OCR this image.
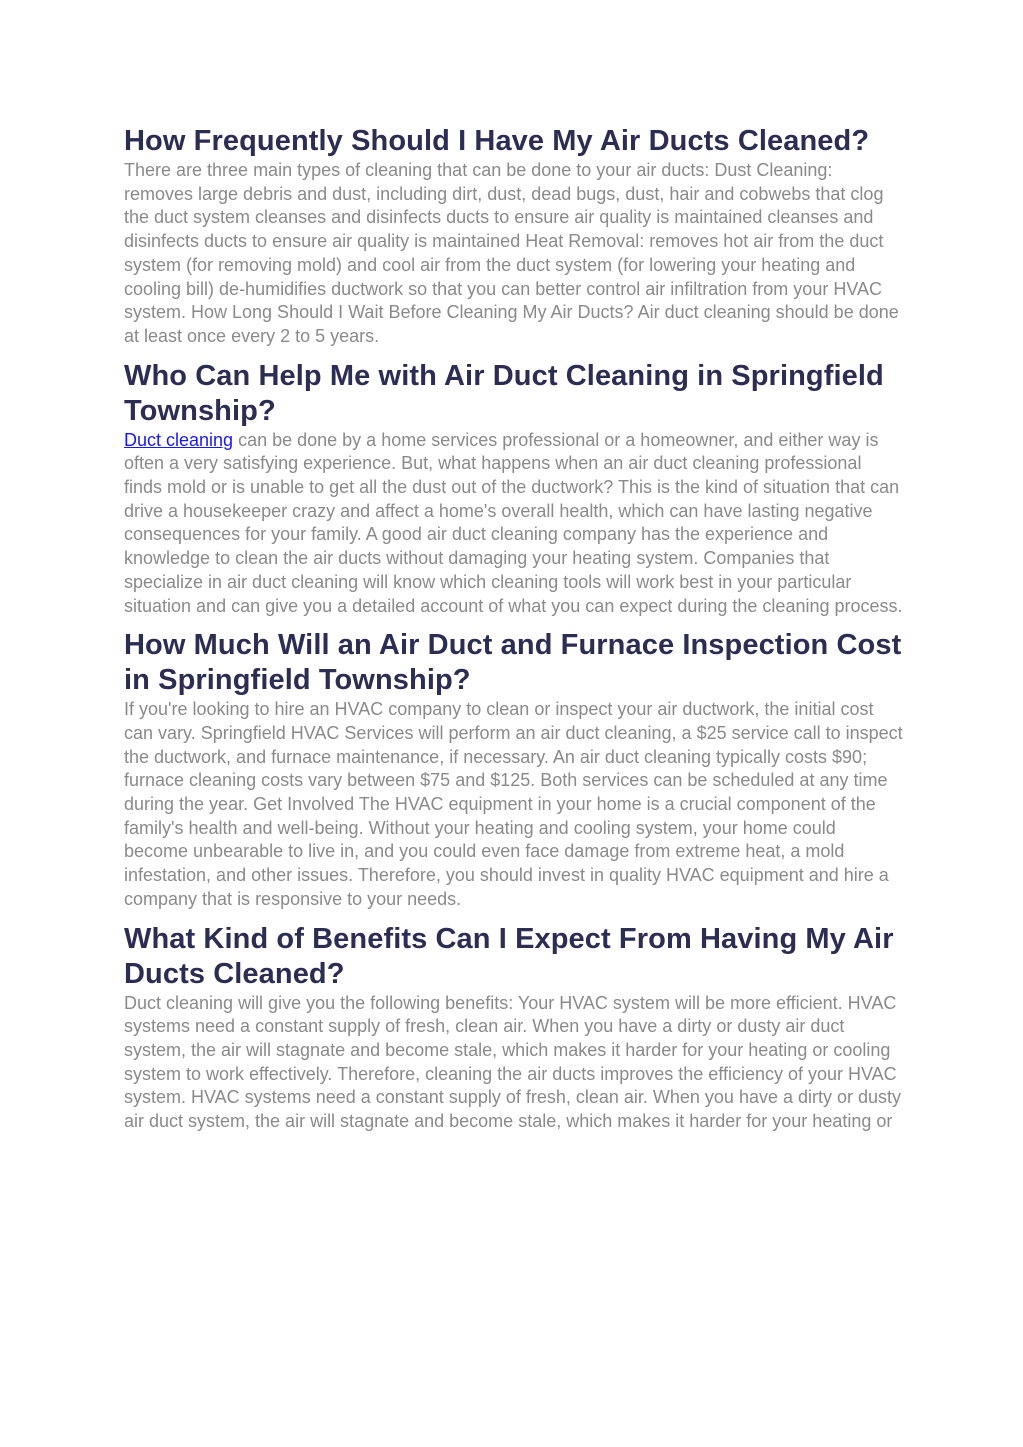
How Frequently Should I Have My Air Ducts Cleaned?

There are three main types of cleaning that can be done to your air ducts: Dust Cleaning: removes large debris and dust, including dirt, dust, dead bugs, dust, hair and cobwebs that clog the duct system cleanses and disinfects ducts to ensure air quality is maintained cleanses and disinfects ducts to ensure air quality is maintained Heat Removal: removes hot air from the duct system (for removing mold) and cool air from the duct system (for lowering your heating and cooling bill) de-humidifies ductwork so that you can better control air infiltration from your HVAC system. How Long Should I Wait Before Cleaning My Air Ducts? Air duct cleaning should be done at least once every 2 to 5 years.

Who Can Help Me with Air Duct Cleaning in Springfield Township?

Duct cleaning can be done by a home services professional or a homeowner, and either way is often a very satisfying experience. But, what happens when an air duct cleaning professional finds mold or is unable to get all the dust out of the ductwork? This is the kind of situation that can drive a housekeeper crazy and affect a home's overall health, which can have lasting negative consequences for your family. A good air duct cleaning company has the experience and knowledge to clean the air ducts without damaging your heating system. Companies that specialize in air duct cleaning will know which cleaning tools will work best in your particular situation and can give you a detailed account of what you can expect during the cleaning process.

How Much Will an Air Duct and Furnace Inspection Cost in Springfield Township?

If you're looking to hire an HVAC company to clean or inspect your air ductwork, the initial cost can vary. Springfield HVAC Services will perform an air duct cleaning, a $25 service call to inspect the ductwork, and furnace maintenance, if necessary. An air duct cleaning typically costs $90; furnace cleaning costs vary between $75 and $125. Both services can be scheduled at any time during the year. Get Involved The HVAC equipment in your home is a crucial component of the family's health and well-being. Without your heating and cooling system, your home could become unbearable to live in, and you could even face damage from extreme heat, a mold infestation, and other issues. Therefore, you should invest in quality HVAC equipment and hire a company that is responsive to your needs.

What Kind of Benefits Can I Expect From Having My Air Ducts Cleaned?

Duct cleaning will give you the following benefits: Your HVAC system will be more efficient. HVAC systems need a constant supply of fresh, clean air. When you have a dirty or dusty air duct system, the air will stagnate and become stale, which makes it harder for your heating or cooling system to work effectively. Therefore, cleaning the air ducts improves the efficiency of your HVAC system. HVAC systems need a constant supply of fresh, clean air. When you have a dirty or dusty air duct system, the air will stagnate and become stale, which makes it harder for your heating or
